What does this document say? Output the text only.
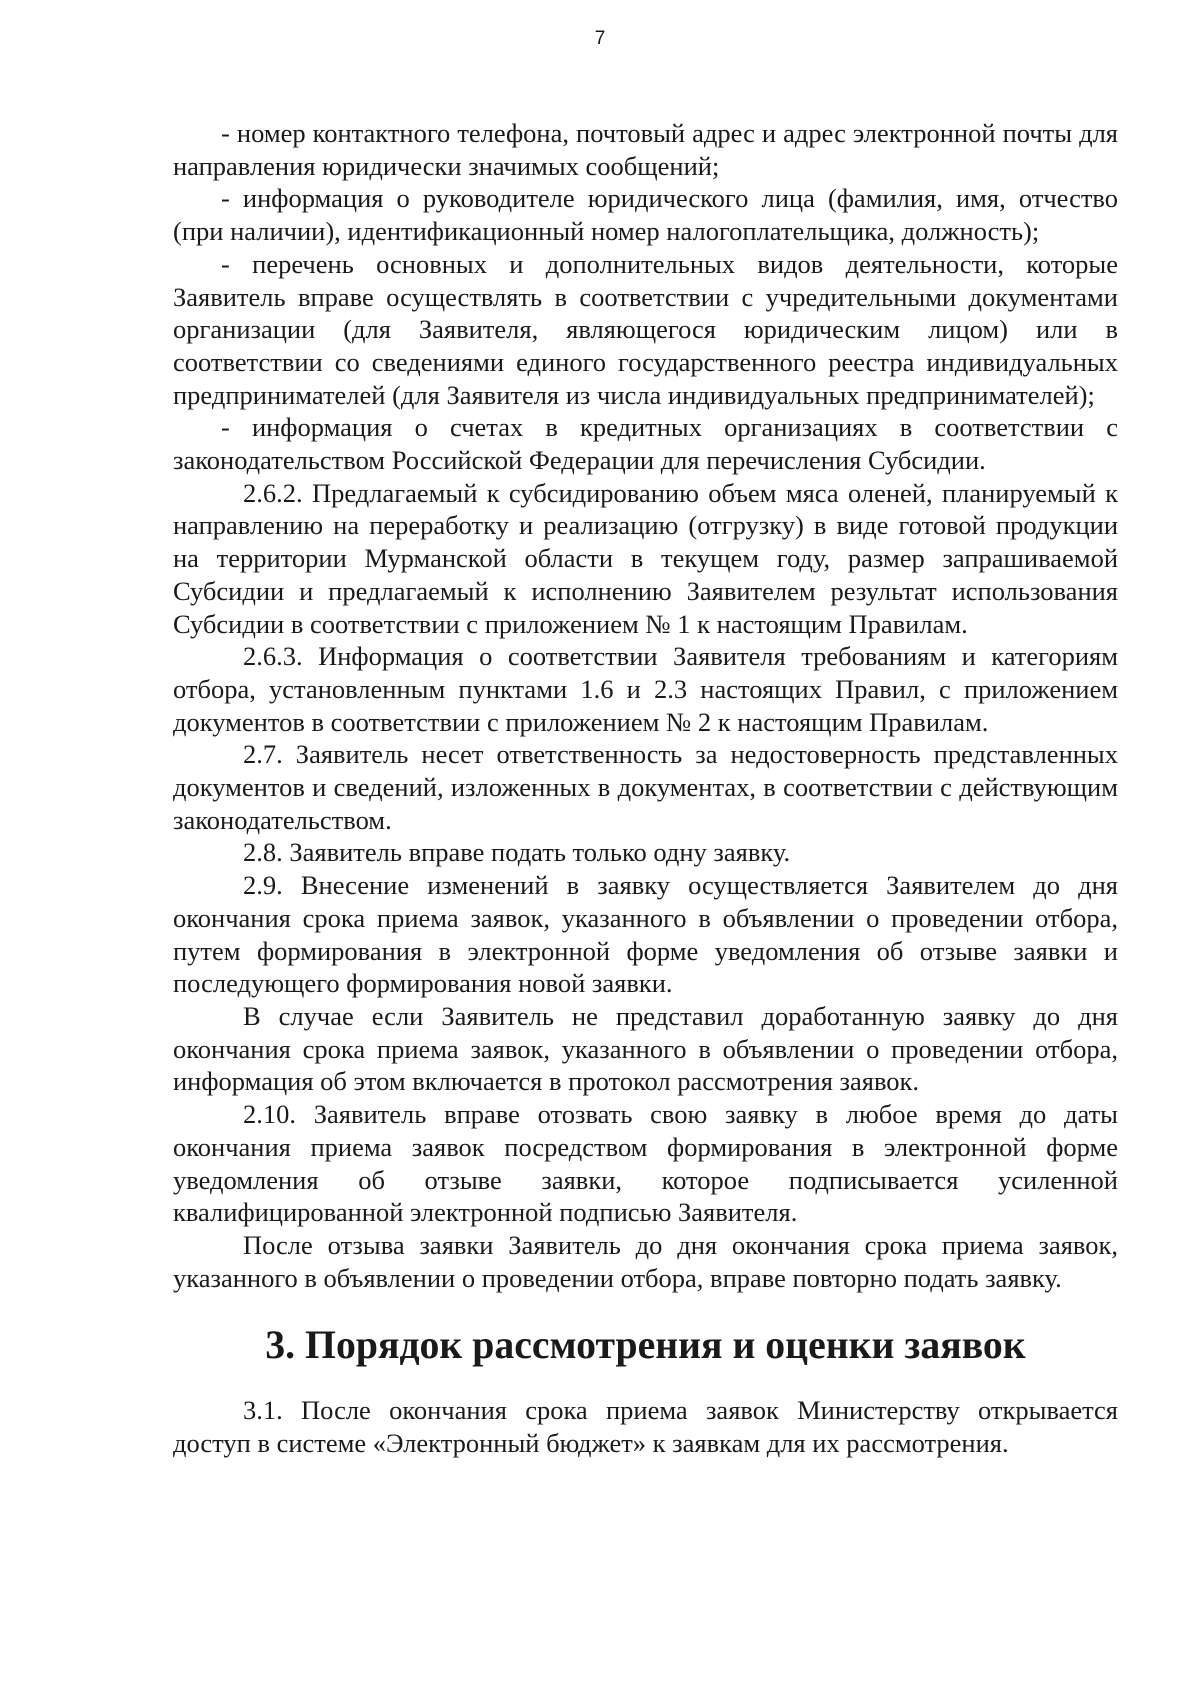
7

- номер контактного телефона, почтовый адрес и адрес электронной почты для направления юридически значимых сообщений;

- информация о руководителе юридического лица (фамилия, имя, отчество (при наличии), идентификационный номер налогоплательщика, должность);

- перечень основных и дополнительных видов деятельности, которые Заявитель вправе осуществлять в соответствии с учредительными документами организации (для Заявителя, являющегося юридическим лицом) или в соответствии со сведениями единого государственного реестра индивидуальных предпринимателей (для Заявителя из числа индивидуальных предпринимателей);

- информация о счетах в кредитных организациях в соответствии с законодательством Российской Федерации для перечисления Субсидии.

2.6.2. Предлагаемый к субсидированию объем мяса оленей, планируемый к направлению на переработку и реализацию (отгрузку) в виде готовой продукции на территории Мурманской области в текущем году, размер запрашиваемой Субсидии и предлагаемый к исполнению Заявителем результат использования Субсидии в соответствии с приложением № 1 к настоящим Правилам.

2.6.3. Информация о соответствии Заявителя требованиям и категориям отбора, установленным пунктами 1.6 и 2.3 настоящих Правил, с приложением документов в соответствии с приложением № 2 к настоящим Правилам.

2.7. Заявитель несет ответственность за недостоверность представленных документов и сведений, изложенных в документах, в соответствии с действующим законодательством.

2.8. Заявитель вправе подать только одну заявку.

2.9. Внесение изменений в заявку осуществляется Заявителем до дня окончания срока приема заявок, указанного в объявлении о проведении отбора, путем формирования в электронной форме уведомления об отзыве заявки и последующего формирования новой заявки.

В случае если Заявитель не представил доработанную заявку до дня окончания срока приема заявок, указанного в объявлении о проведении отбора, информация об этом включается в протокол рассмотрения заявок.

2.10. Заявитель вправе отозвать свою заявку в любое время до даты окончания приема заявок посредством формирования в электронной форме уведомления об отзыве заявки, которое подписывается усиленной квалифицированной электронной подписью Заявителя.

После отзыва заявки Заявитель до дня окончания срока приема заявок, указанного в объявлении о проведении отбора, вправе повторно подать заявку.

3. Порядок рассмотрения и оценки заявок

3.1. После окончания срока приема заявок Министерству открывается доступ в системе «Электронный бюджет» к заявкам для их рассмотрения.
